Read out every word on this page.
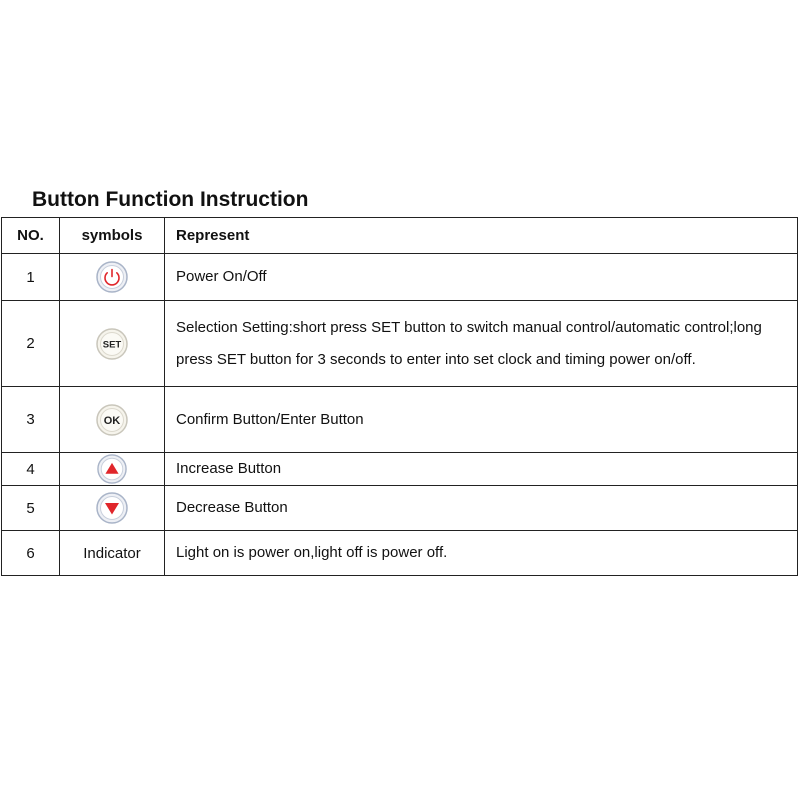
Button Function Instruction
NO.	symbols	Represent
1		Power On/Off
2	SET	Selection Setting:short press SET button to switch manual control/automatic control;long press SET button for 3 seconds to enter into set clock and timing power on/off.
3	OK	Confirm Button/Enter Button
4		Increase Button
5		Decrease Button
6	Indicator	Light on is power on,light off is power off.
